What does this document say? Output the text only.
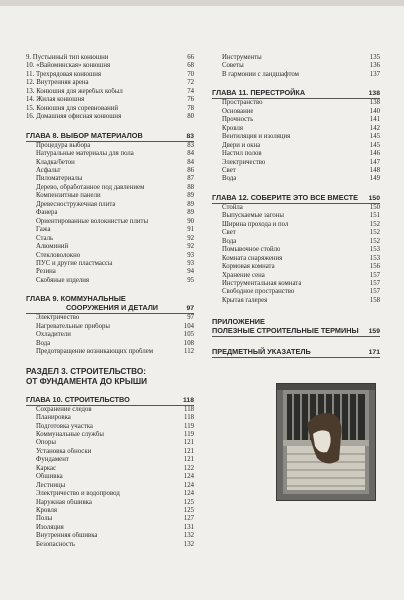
9. Пустынный тип конюшни	66
10. «Вайоминская» конюшня	68
11. Трехрядовая конюшня	70
12. Внутренняя арена	72
13. Конюшня для жеребых кобыл	74
14. Жилая конюшня	76
15. Конюшня для соревнований	78
16. Домашняя офисная конюшня	80
ГЛАВА 8. ВЫБОР МАТЕРИАЛОВ	83
Процедура выбора	83
Натуральные материалы для пола	84
Кладка/бетон	84
Асфальт	86
Пиломатериалы	87
Дерево, обработанное под давлением	88
Компензитные панели	89
Древесностружечная плита	89
Фанера	89
Ориентированные волокнистые плиты	90
Гажа	91
Сталь	92
Алюминий	92
Стекловолокно	93
ПУС и другие пластмассы	93
Резина	94
Скобяные изделия	95
ГЛАВА 9. КОММУНАЛЬНЫЕ
СООРУЖЕНИЯ И ДЕТАЛИ	97
Электричество	97
Нагревательные приборы	104
Охладители	105
Вода	108
Предотвращение возникающих проблем	112
РАЗДЕЛ 3. СТРОИТЕЛЬСТВО:
ОТ ФУНДАМЕНТА ДО КРЫШИ
ГЛАВА 10. СТРОИТЕЛЬСТВО	118
Сохранение следов	118
Планировка	118
Подготовка участка	119
Коммунальные службы	119
Опоры	121
Установка обноски	121
Фундамент	121
Каркас	122
Обшивка	124
Лестницы	124
Электричество и водопровод	124
Наружная обшивка	125
Кровля	125
Полы	127
Изоляция	131
Внутренняя обшивка	132
Безопасность	132
Инструменты	135
Советы	136
В гармонии с ландшафтом	137
ГЛАВА 11. ПЕРЕСТРОЙКА	138
Пространство	138
Основание	140
Прочность	141
Кровля	142
Вентиляция и изоляция	145
Двери и окна	145
Настил полов	146
Электричество	147
Свет	148
Вода	149
ГЛАВА 12. СОБЕРИТЕ ЭТО ВСЕ ВМЕСТЕ 150
Стойла	150
Выпускаемые загоны	151
Ширина прохода и пол	152
Свет	152
Вода	152
Помывочное стойло	153
Комната снаряжения	153
Кормовая комната	156
Хранение сена	157
Инструментальная комната	157
Свободное пространство	157
Крытая галерея	158
ПРИЛОЖЕНИЕ
ПОЛЕЗНЫЕ СТРОИТЕЛЬНЫЕ ТЕРМИНЫ 159
ПРЕДМЕТНЫЙ УКАЗАТЕЛЬ	171
